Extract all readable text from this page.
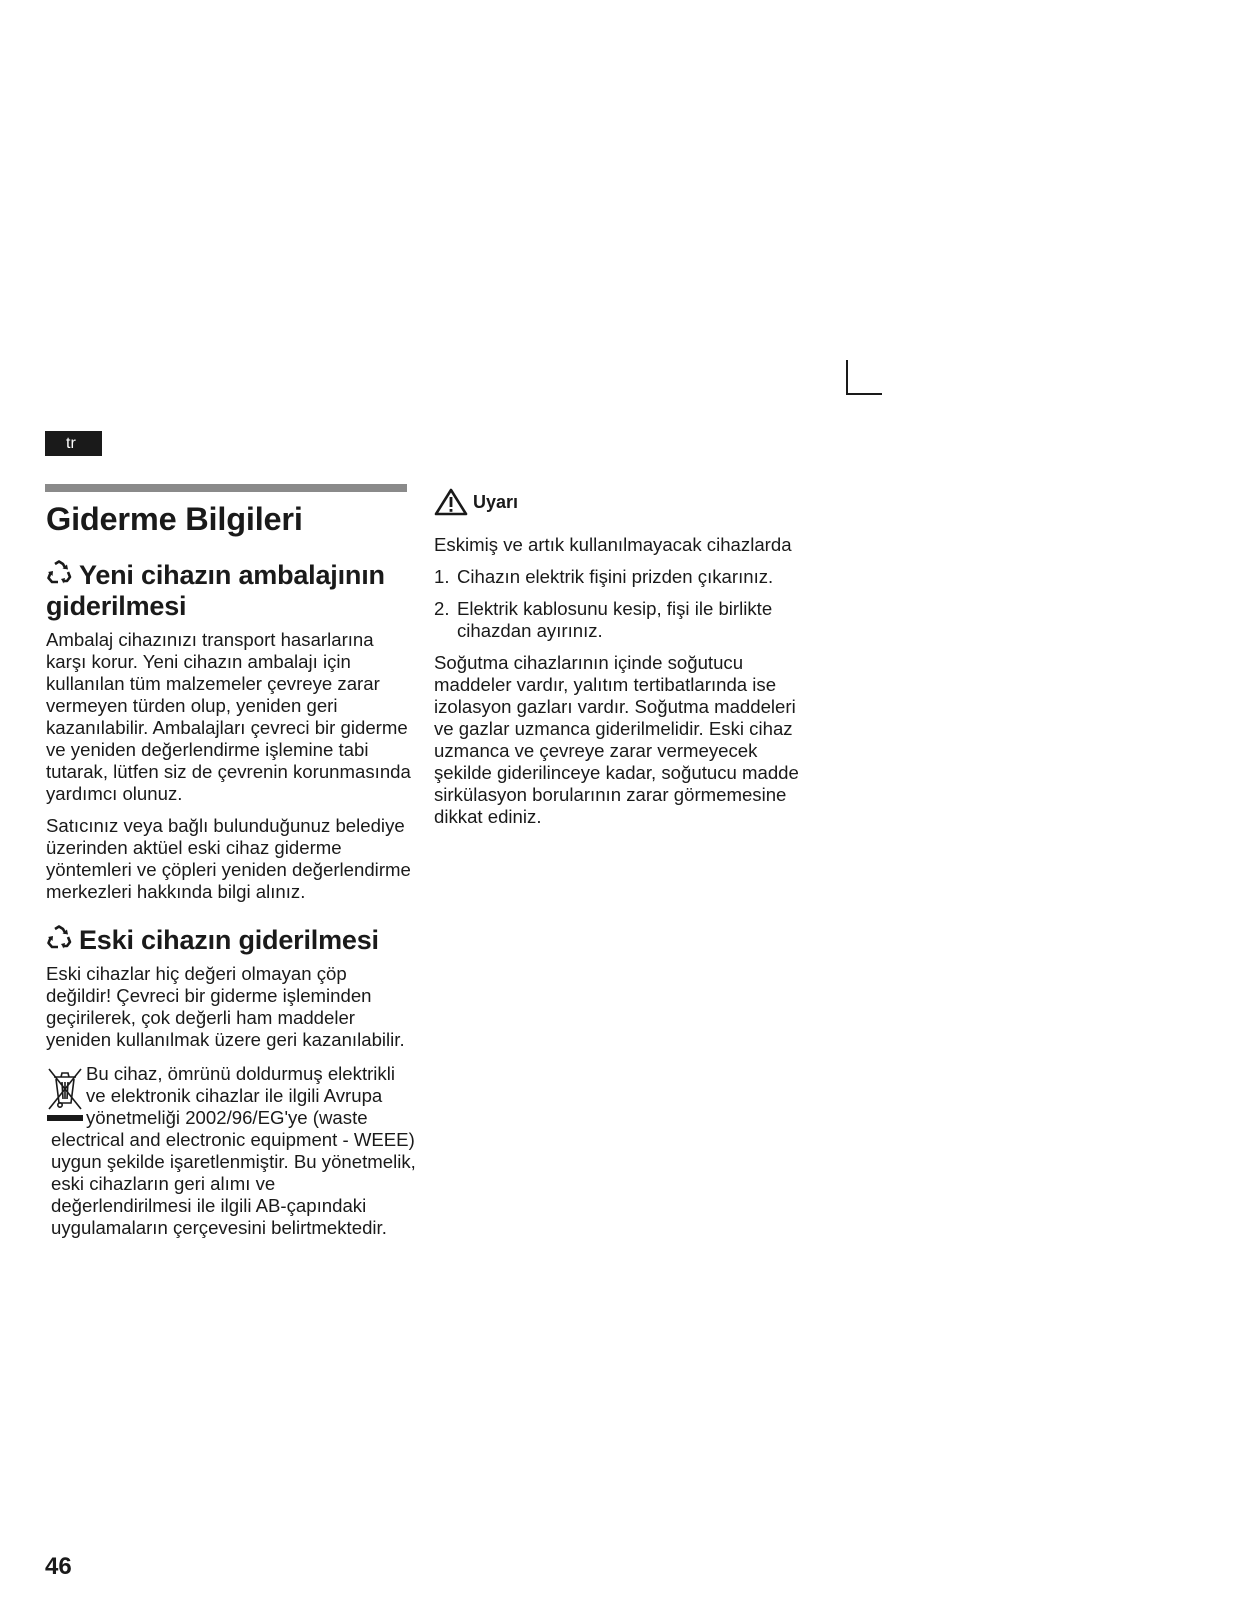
tr
Giderme Bilgileri
Yeni cihazın ambalajının giderilmesi

Ambalaj cihazınızı transport hasarlarına karşı korur. Yeni cihazın ambalajı için kullanılan tüm malzemeler çevreye zarar vermeyen türden olup, yeniden geri kazanılabilir. Ambalajları çevreci bir giderme ve yeniden değerlendirme işlemine tabi tutarak, lütfen siz de çevrenin korunmasında yardımcı olunuz.

Satıcınız veya bağlı bulunduğunuz belediye üzerinden aktüel eski cihaz giderme yöntemleri ve çöpleri yeniden değerlendirme merkezleri hakkında bilgi alınız.

Eski cihazın giderilmesi

Eski cihazlar hiç değeri olmayan çöp değildir! Çevreci bir giderme işleminden geçirilerek, çok değerli ham maddeler yeniden kullanılmak üzere geri kazanılabilir.

Bu cihaz, ömrünü doldurmuş elektrikli ve elektronik cihazlar ile ilgili Avrupa yönetmeliği 2002/96/EG'ye (waste electrical and electronic equipment - WEEE) uygun şekilde işaretlenmiştir. Bu yönetmelik, eski cihazların geri alımı ve değerlendirilmesi ile ilgili AB-çapındaki uygulamaların çerçevesini belirtmektedir.

Uyarı

Eskimiş ve artık kullanılmayacak cihazlarda

1. Cihazın elektrik fişini prizden çıkarınız.
2. Elektrik kablosunu kesip, fişi ile birlikte cihazdan ayırınız.

Soğutma cihazlarının içinde soğutucu maddeler vardır, yalıtım tertibatlarında ise izolasyon gazları vardır. Soğutma maddeleri ve gazlar uzmanca giderilmelidir. Eski cihaz uzmanca ve çevreye zarar vermeyecek şekilde giderilinceye kadar, soğutucu madde sirkülasyon borularının zarar görmemesine dikkat ediniz.

46
